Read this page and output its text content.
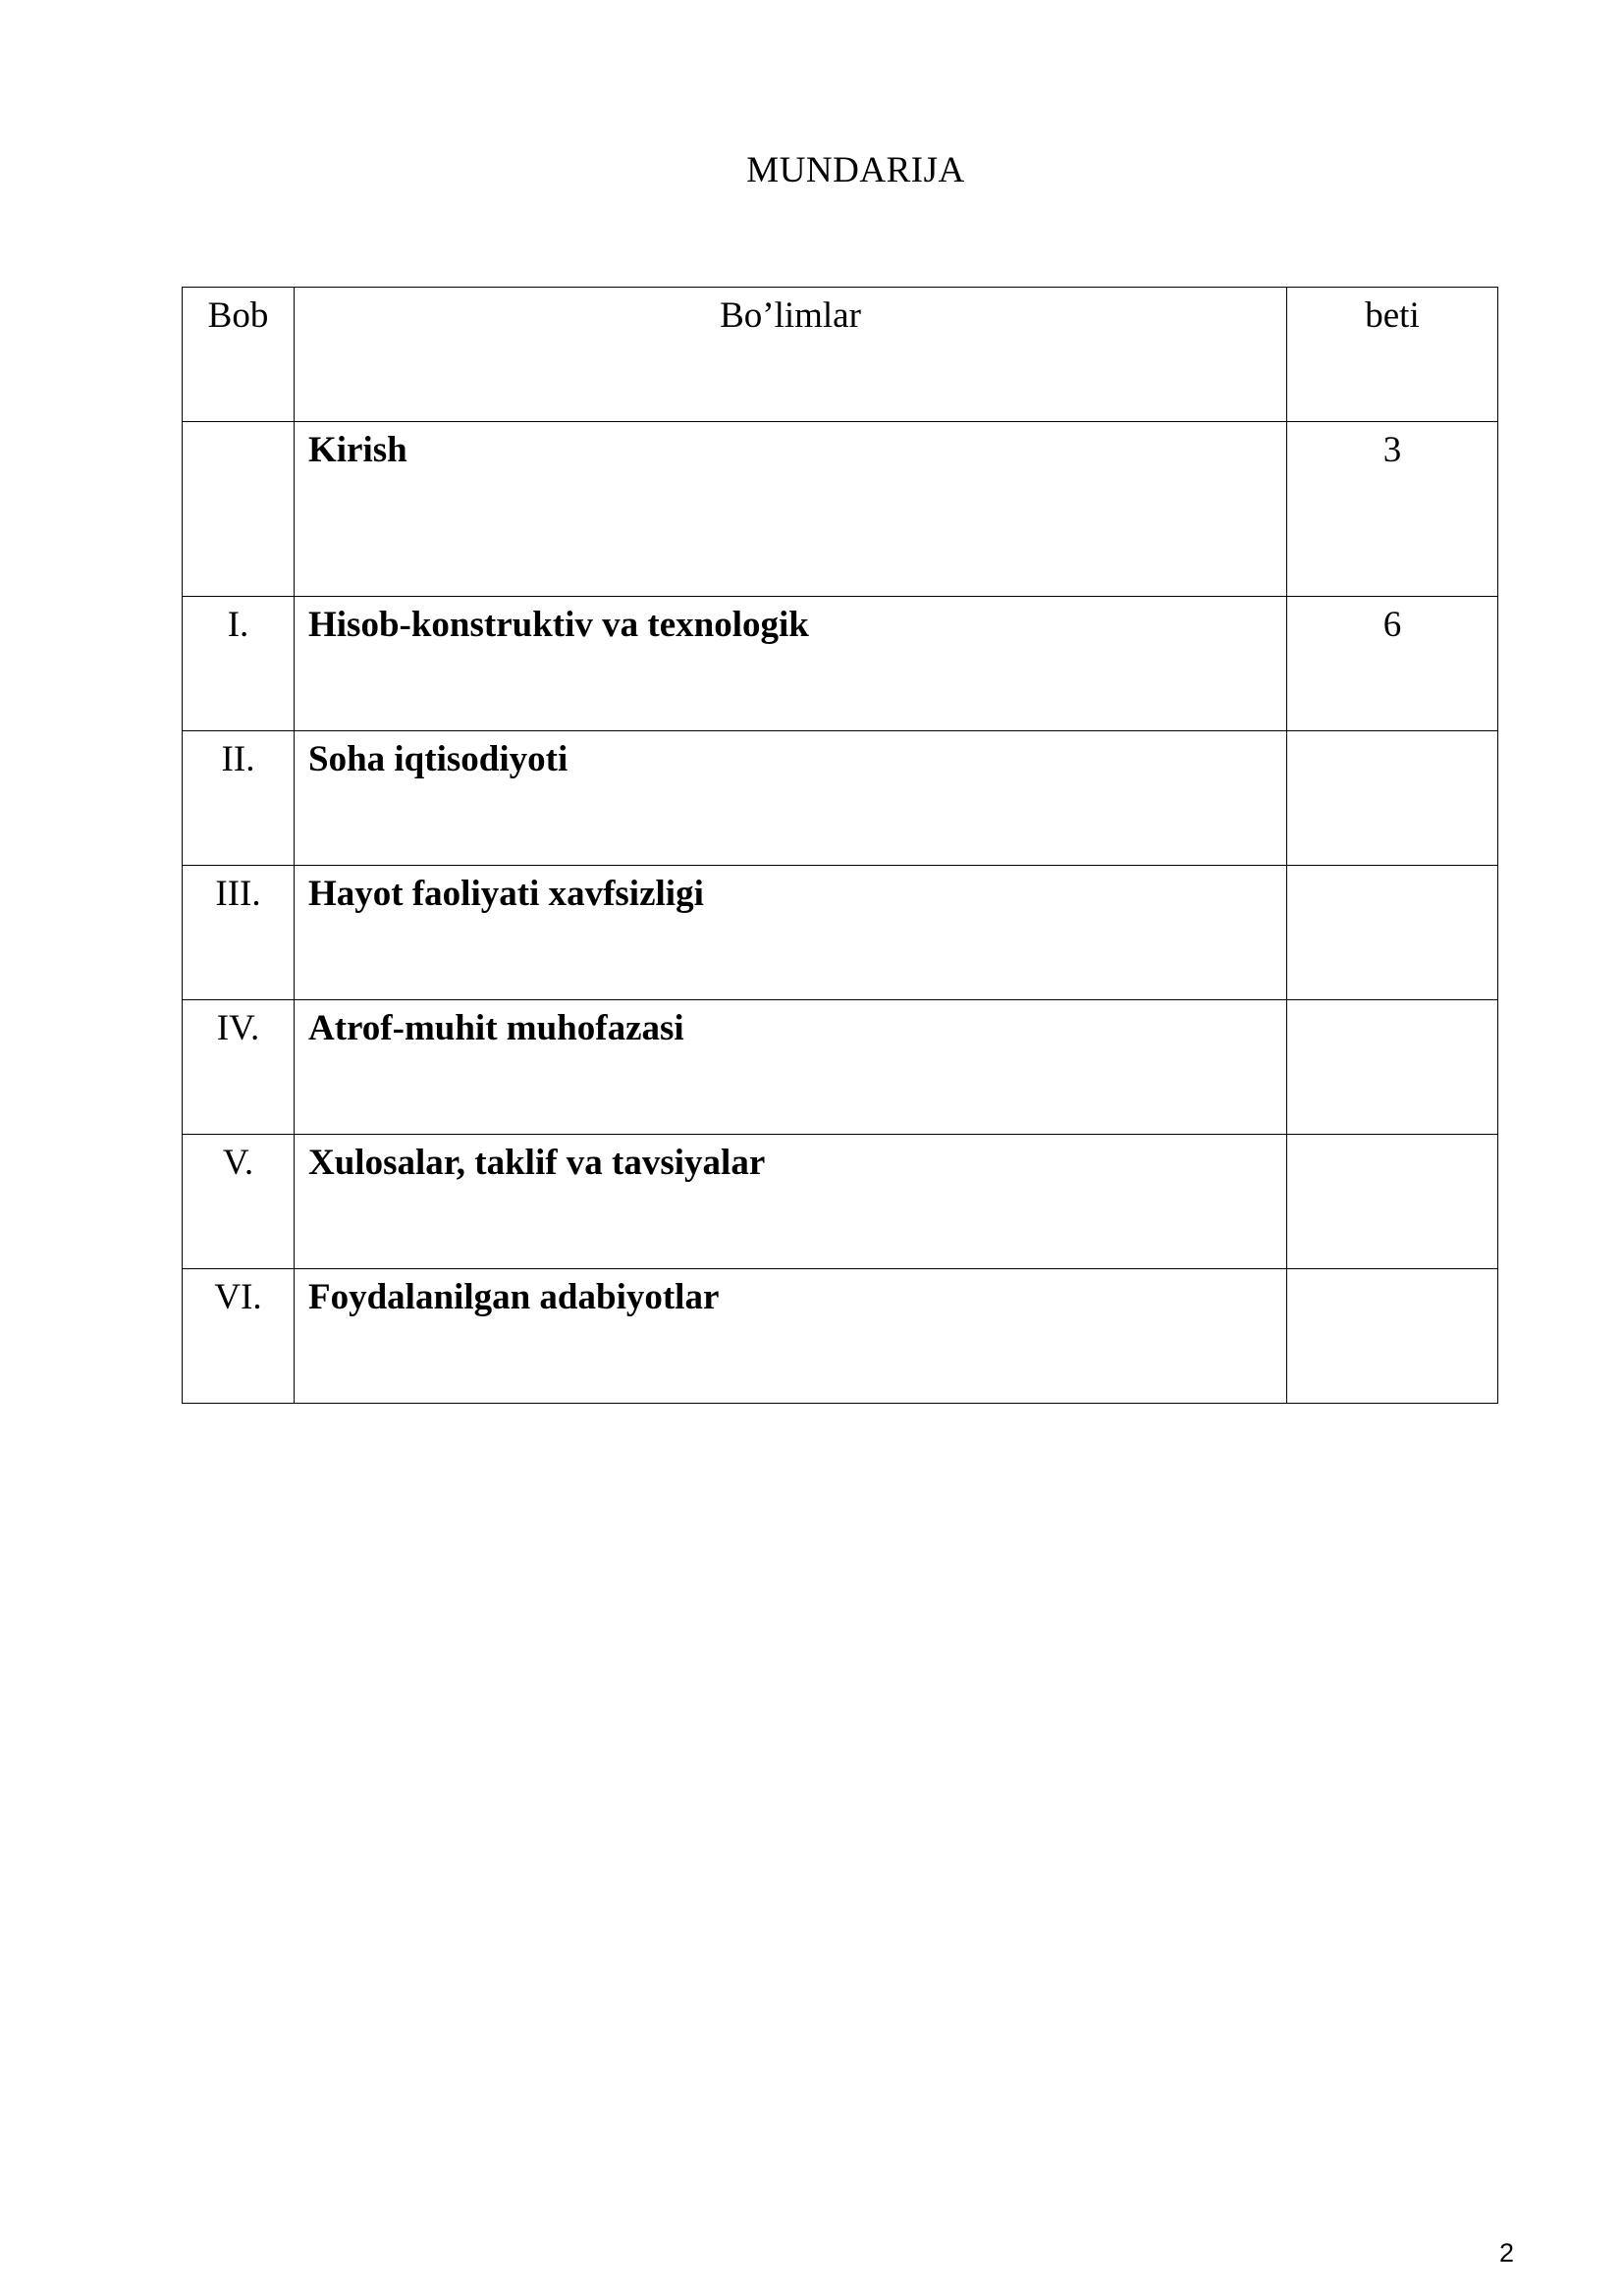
MUNDARIJA
Bob	Bo’limlar	beti

	Kirish	3

I.	Hisob-konstruktiv va texnologik	6

II.	Soha iqtisodiyoti	

III.	Hayot faoliyati xavfsizligi	

IV.	Atrof-muhit muhofazasi	

V.	Xulosalar, taklif va tavsiyalar	

VI.	Foydalanilgan adabiyotlar	

2
